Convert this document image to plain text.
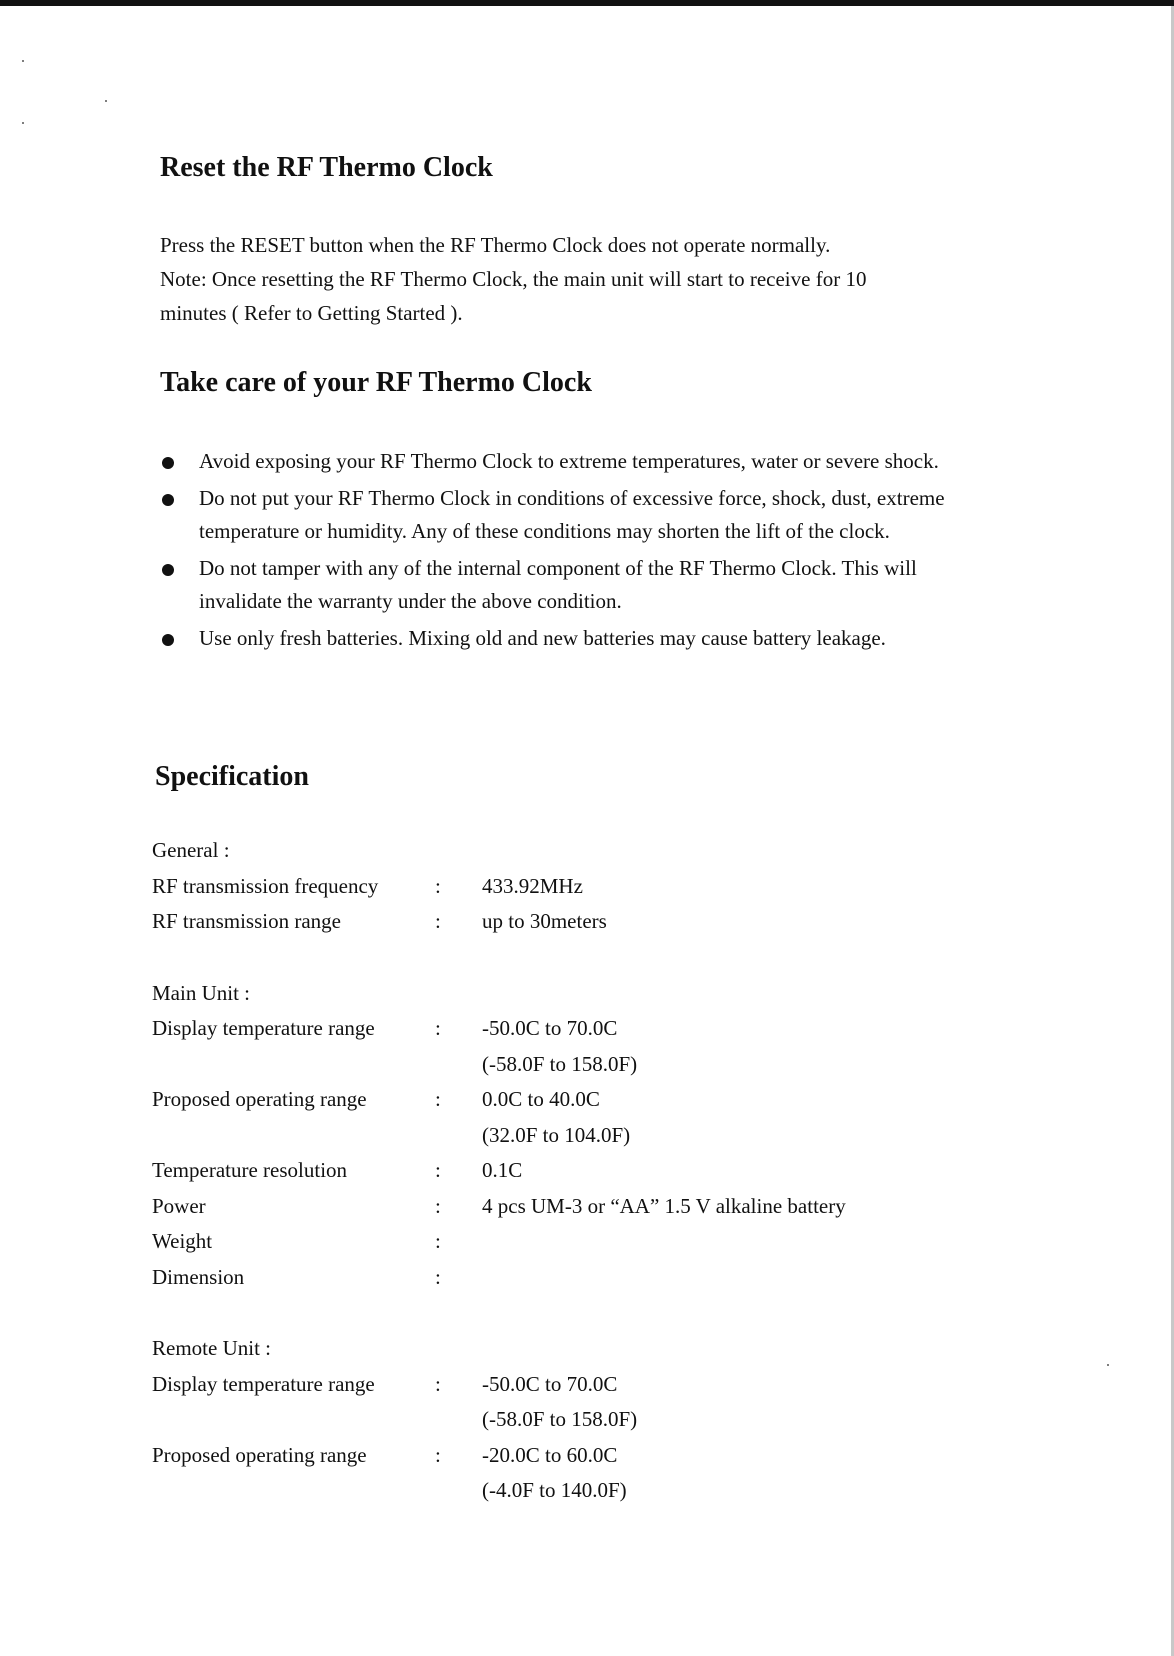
Reset the RF Thermo Clock
Press the RESET button when the RF Thermo Clock does not operate normally.
Note: Once resetting the RF Thermo Clock, the main unit will start to receive for 10
minutes ( Refer to Getting Started ).
Take care of your RF Thermo Clock
Avoid exposing your RF Thermo Clock to extreme temperatures, water or severe shock.
Do not put your RF Thermo Clock in conditions of excessive force, shock, dust, extreme temperature or humidity. Any of these conditions may shorten the lift of the clock.
Do not tamper with any of the internal component of the RF Thermo Clock. This will invalidate the warranty under the above condition.
Use only fresh batteries. Mixing old and new batteries may cause battery leakage.
Specification
General :
RF transmission frequency	: 433.92MHz
RF transmission range	: up to 30meters
Main Unit :
Display temperature range	: -50.0C to 70.0C
(-58.0F to 158.0F)
Proposed operating range	: 0.0C to 40.0C
(32.0F to 104.0F)
Temperature resolution	: 0.1C
Power	: 4 pcs UM-3 or “AA” 1.5 V alkaline battery
Weight	:
Dimension	:
Remote Unit :
Display temperature range	: -50.0C to 70.0C
(-58.0F to 158.0F)
Proposed operating range	: -20.0C to 60.0C
(-4.0F to 140.0F)
